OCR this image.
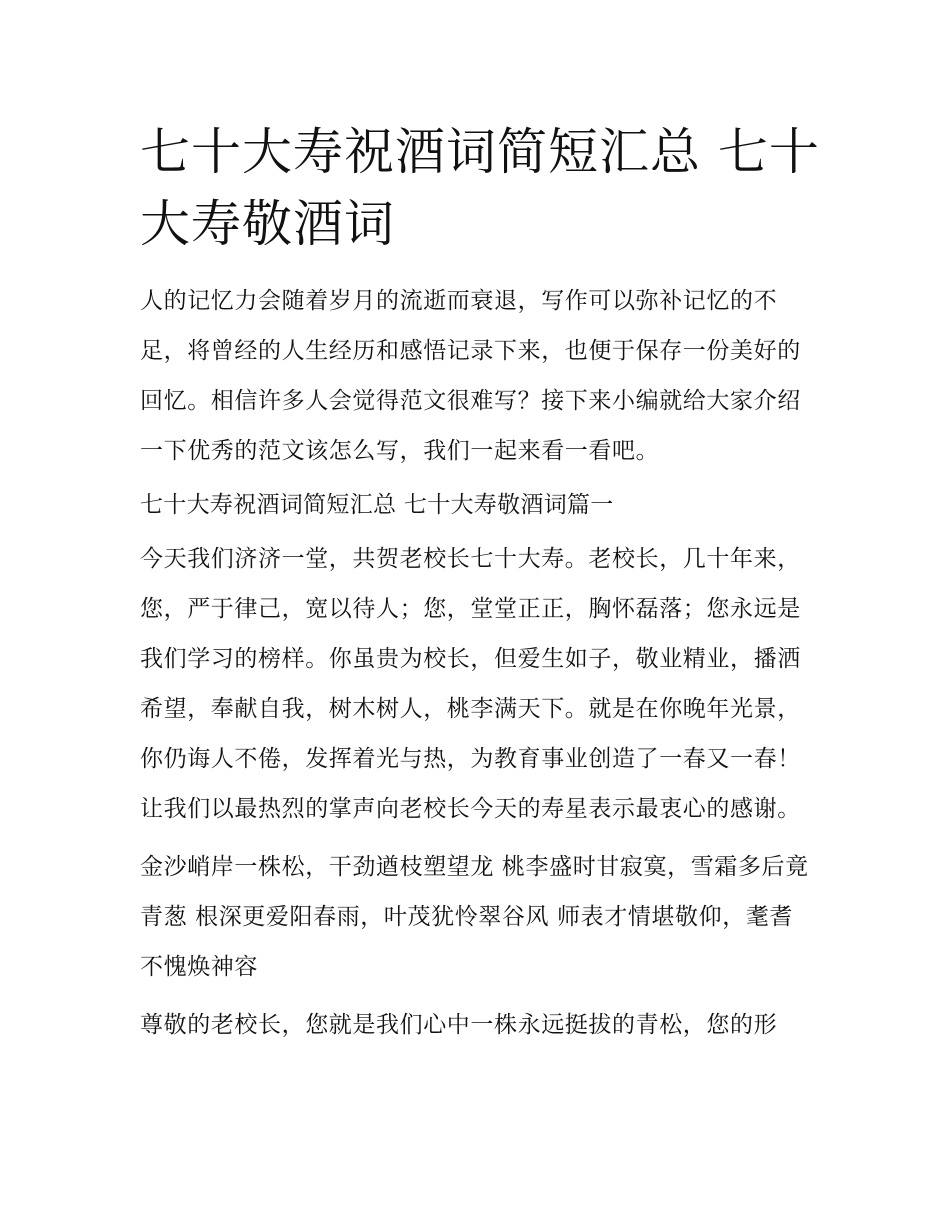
七十大寿祝酒词简短汇总 七十大寿敬酒词

人的记忆力会随着岁月的流逝而衰退，写作可以弥补记忆的不足，将曾经的人生经历和感悟记录下来，也便于保存一份美好的回忆。相信许多人会觉得范文很难写？接下来小编就给大家介绍一下优秀的范文该怎么写，我们一起来看一看吧。

七十大寿祝酒词简短汇总 七十大寿敬酒词篇一

今天我们济济一堂，共贺老校长七十大寿。老校长，几十年来，您，严于律己，宽以待人；您，堂堂正正，胸怀磊落；您永远是我们学习的榜样。你虽贵为校长，但爱生如子，敬业精业，播洒希望，奉献自我，树木树人，桃李满天下。就是在你晚年光景，你仍诲人不倦，发挥着光与热，为教育事业创造了一春又一春！让我们以最热烈的掌声向老校长今天的寿星表示最衷心的感谢。

金沙峭岸一株松，干劲遒枝塑望龙 桃李盛时甘寂寞，雪霜多后竟青葱 根深更爱阳春雨，叶茂犹怜翠谷风 师表才情堪敬仰，耄耆不愧焕神容

尊敬的老校长，您就是我们心中一株永远挺拔的青松，您的形
